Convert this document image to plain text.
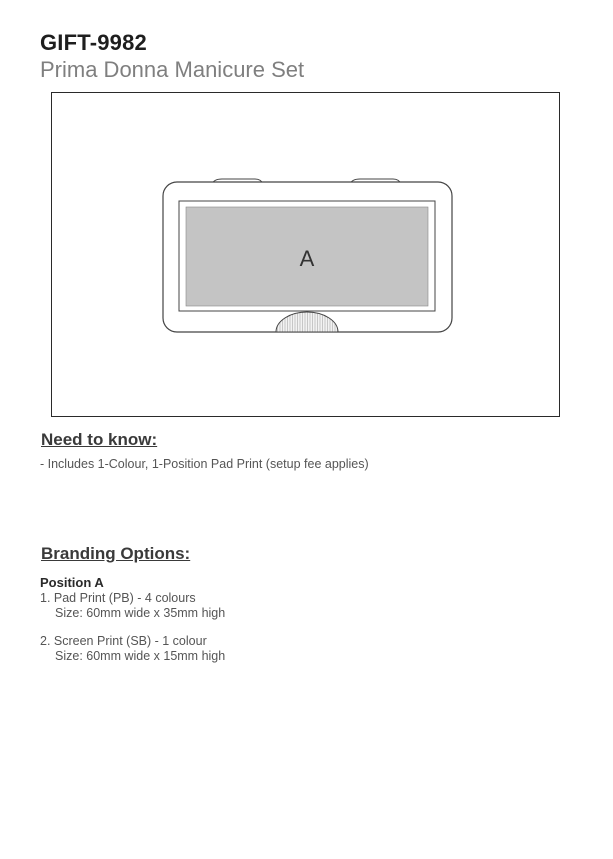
GIFT-9982
Prima Donna Manicure Set
A
Need to know:
- Includes 1-Colour, 1-Position Pad Print (setup fee applies)
Branding Options:
Position A
1. Pad Print (PB) - 4 colours
Size: 60mm wide x 35mm high
2. Screen Print (SB) - 1 colour
Size: 60mm wide x 15mm high
